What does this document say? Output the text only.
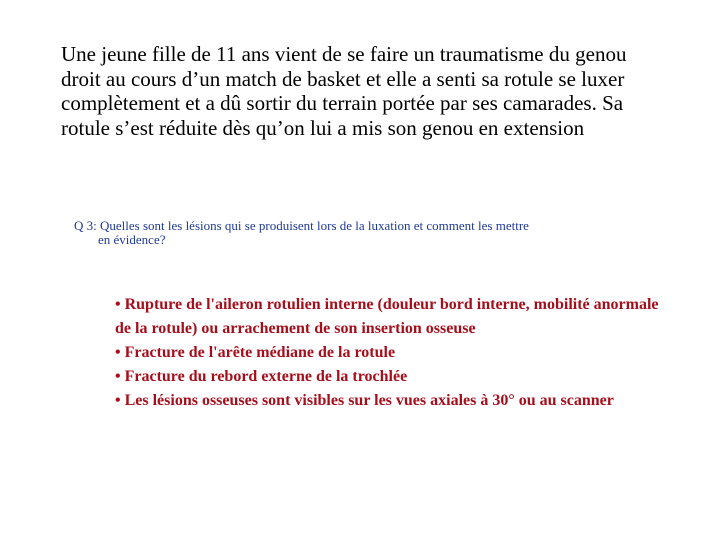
Une jeune fille de 11 ans vient de se faire un traumatisme du genou droit au cours d’un match de basket et elle a senti sa rotule se luxer complètement et a dû sortir du terrain portée par ses camarades. Sa rotule s’est réduite dès qu’on lui a mis son genou en extension

Q 3: Quelles sont les lésions qui se produisent lors de la luxation et comment les mettre
en évidence?

• Rupture de l'aileron rotulien interne (douleur bord interne, mobilité anormale de la rotule) ou arrachement de son insertion osseuse
• Fracture de l'arête médiane de la rotule
• Fracture du rebord externe de la trochlée
• Les lésions osseuses sont visibles sur les vues axiales à 30° ou au scanner
